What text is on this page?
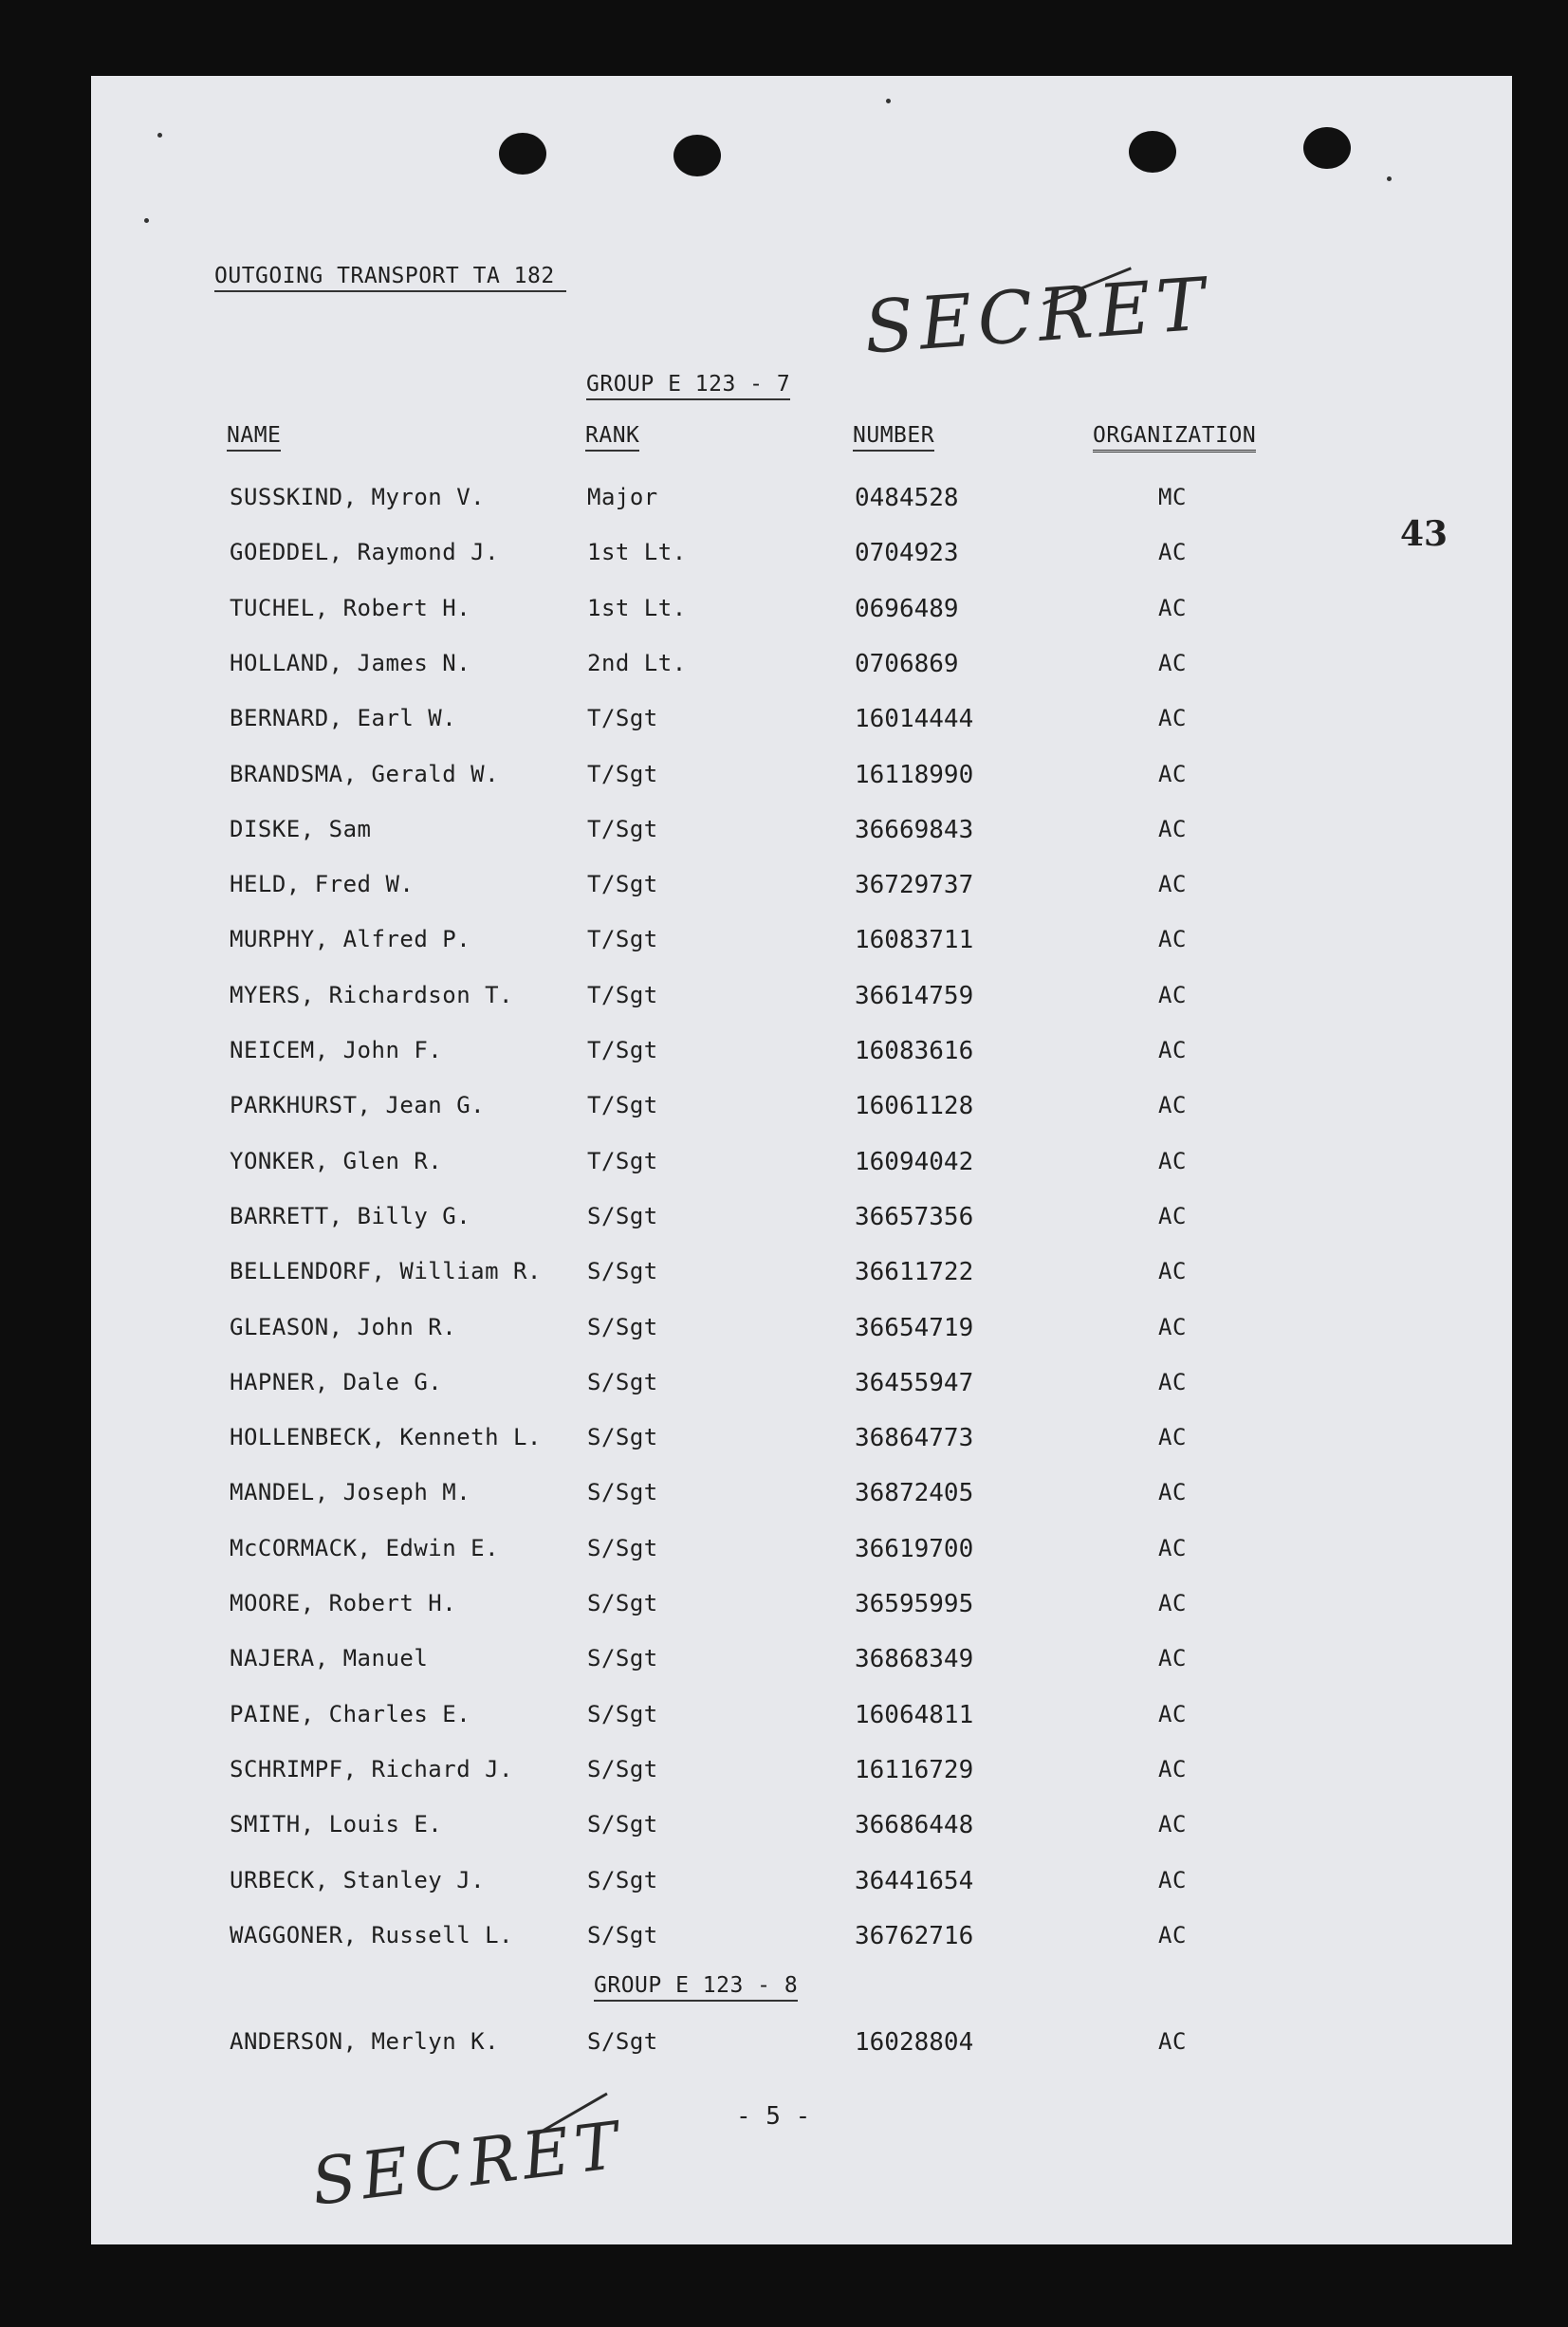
OUTGOING TRANSPORT TA 182	SECRET
43
GROUP E 123 - 7
NAME	RANK	NUMBER	ORGANIZATION
SUSSKIND, Myron V.	Major	0484528	MC
GOEDDEL, Raymond J.	1st Lt.	0704923	AC
TUCHEL, Robert H.	1st Lt.	0696489	AC
HOLLAND, James N.	2nd Lt.	0706869	AC
BERNARD, Earl W.	T/Sgt	16014444	AC
BRANDSMA, Gerald W.	T/Sgt	16118990	AC
DISKE, Sam	T/Sgt	36669843	AC
HELD, Fred W.	T/Sgt	36729737	AC
MURPHY, Alfred P.	T/Sgt	16083711	AC
MYERS, Richardson T.	T/Sgt	36614759	AC
NEICEM, John F.	T/Sgt	16083616	AC
PARKHURST, Jean G.	T/Sgt	16061128	AC
YONKER, Glen R.	T/Sgt	16094042	AC
BARRETT, Billy G.	S/Sgt	36657356	AC
BELLENDORF, William R. S/Sgt	36611722	AC
GLEASON, John R.	S/Sgt	36654719	AC
HAPNER, Dale G.	S/Sgt	36455947	AC
HOLLENBECK, Kenneth L. S/Sgt	36864773	AC
MANDEL, Joseph M.	S/Sgt	36872405	AC
McCORMACK, Edwin E.	S/Sgt	36619700	AC
MOORE, Robert H.	S/Sgt	36595995	AC
NAJERA, Manuel	S/Sgt	36868349	AC
PAINE, Charles E.	S/Sgt	16064811	AC
SCHRIMPF, Richard J.	S/Sgt	16116729	AC
SMITH, Louis E.	S/Sgt	36686448	AC
URBECK, Stanley J.	S/Sgt	36441654	AC
WAGGONER, Russell L.	S/Sgt	36762716	AC
ANDERSON, Merlyn K.	S/Sgt	16028804	AC
GROUP E 123 - 8
- 5 -
SECRET
